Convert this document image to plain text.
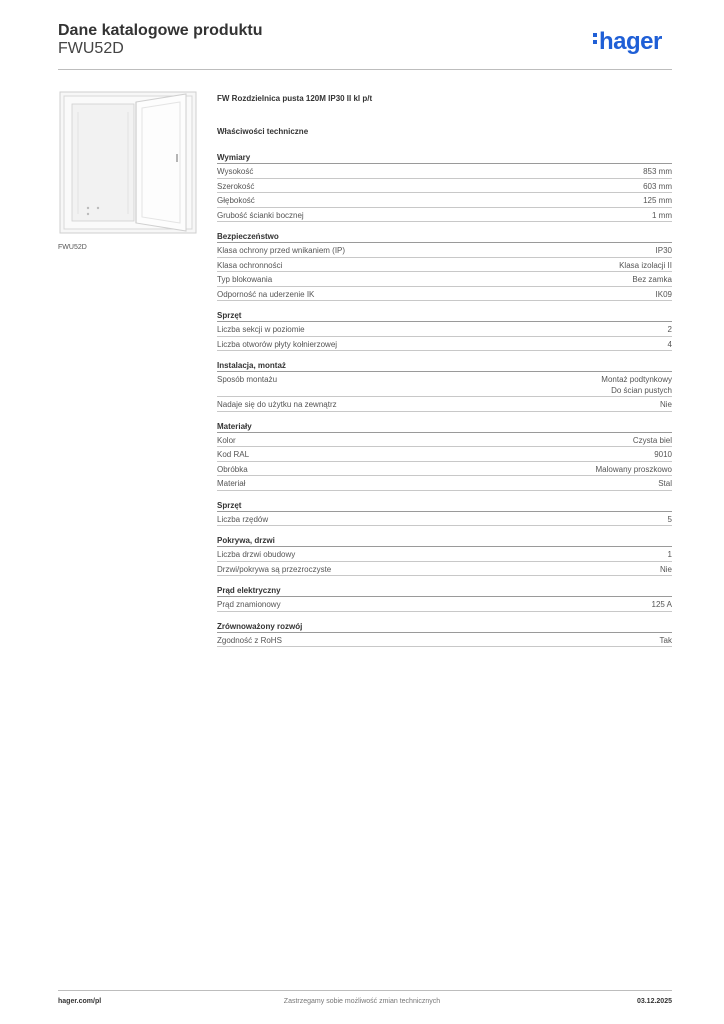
Dane katalogowe produktu
FWU52D	hager
FWU52D
FW Rozdzielnica pusta 120M IP30 II kl p/t
Właściwości techniczne
Wymiary
Wysokość	853 mm
Szerokość	603 mm
Głębokość	125 mm
Grubość ścianki bocznej	1 mm
Bezpieczeństwo
Klasa ochrony przed wnikaniem (IP)	IP30
Klasa ochronności	Klasa izolacji II
Typ blokowania	Bez zamka
Odporność na uderzenie IK	IK09
Sprzęt
Liczba sekcji w poziomie	2
Liczba otworów płyty kołnierzowej	4
Instalacja, montaż
Sposób montażu	Montaż podtynkowy
Do ścian pustych
Nadaje się do użytku na zewnątrz	Nie
Materiały
Kolor	Czysta biel
Kod RAL	9010
Obróbka	Malowany proszkowo
Materiał	Stal
Sprzęt
Liczba rzędów	5
Pokrywa, drzwi
Liczba drzwi obudowy	1
Drzwi/pokrywa są przezroczyste	Nie
Prąd elektryczny
Prąd znamionowy	125 A
Zrównoważony rozwój
Zgodność z RoHS	Tak
hager.com/pl	Zastrzegamy sobie możliwość zmian technicznych	03.12.2025
